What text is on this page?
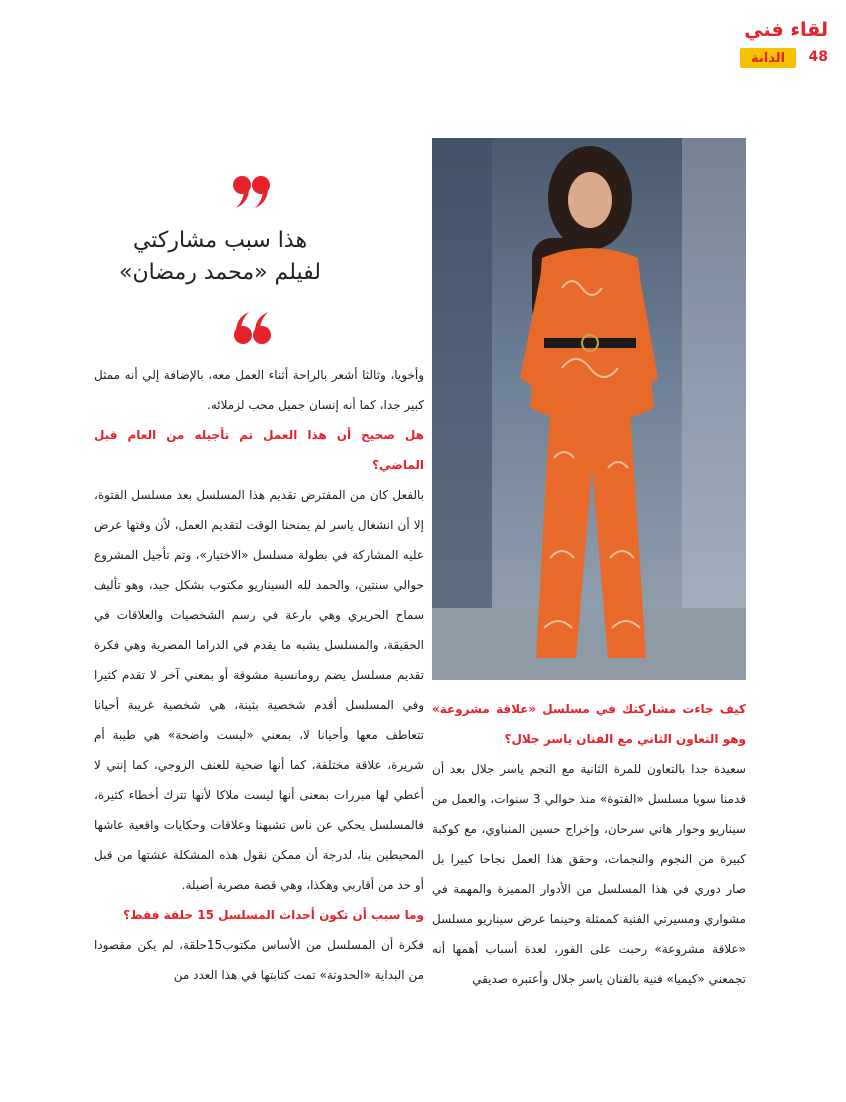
لقاء فني
الدانة 48
هذا سبب مشاركتي
لفيلم «محمد رمضان»

وأخويا، وثالثا أشعر بالراحة أثناء العمل معه، بالإضافة إلي أنه ممثل كبير جدا، كما أنه إنسان جميل محب لزملائه.

هل صحيح أن هذا العمل تم تأجيله من العام قبل الماضي؟

بالفعل كان من المفترض تقديم هذا المسلسل بعد مسلسل الفتوة، إلا أن انشغال ياسر لم يمنحنا الوقت لتقديم العمل، لأن وقتها عرض عليه المشاركة في بطولة مسلسل «الاختيار»، وتم تأجيل المشروع حوالي سنتين، والحمد لله السيناريو مكتوب بشكل جيد، وهو تأليف سماح الحريري وهي بارعة في رسم الشخصيات والعلاقات في الحقيقة، والمسلسل يشبه ما يقدم في الدراما المصرية وهي فكرة تقديم مسلسل يضم رومانسية مشوقة أو بمعني آخر لا تقدم كثيرا وفي المسلسل أقدم شخصية بثينة، هي شخصية غريبة أحيانا تتعاطف معها وأحيانا لا، بمعني «ليست واضحة» هي طيبة أم شريرة، علاقة مختلفة، كما أنها ضحية للعنف الزوجي، كما إنني لا أعطي لها مبررات بمعنى أنها ليست ملاكا لأنها تترك أخطاء كثيرة، فالمسلسل يحكي عن ناس تشبهنا وعلاقات وحكايات واقعية عاشها المحيطين بنا، لدرجة أن ممكن نقول هذه المشكلة عشتها من قبل أو حد من أقاربي وهكذا، وهي قصة مصرية أصيلة.

وما سبب أن تكون أحداث المسلسل 15 حلقة فقط؟

فكرة أن المسلسل من الأساس مكتوب15حلقة، لم يكن مقصودا من البداية «الحدوتة» تمت كتابتها في هذا العدد من

كيف جاءت مشاركتك في مسلسل «علاقة مشروعة» وهو التعاون الثاني مع الفنان ياسر جلال؟

سعيدة جدا بالتعاون للمرة الثانية مع النجم ياسر جلال بعد أن قدمنا سويا مسلسل «الفتوة» منذ حوالي 3 سنوات، والعمل من سيناريو وحوار هاني سرحان، وإخراج حسين المنباوي، مع كوكبة كبيرة من النجوم والنجمات، وحقق هذا العمل نجاحا كبيرا بل صار دوري في هذا المسلسل من الأدوار المميزة والمهمة في مشواري ومسيرتي الفنية كممثلة وحينما عرض سيناريو مسلسل «علاقة مشروعة» رحبت على الفور، لعدة أسباب أهمها أنه تجمعني «كيميا» فنية بالفنان ياسر جلال وأعتبره صديقي
